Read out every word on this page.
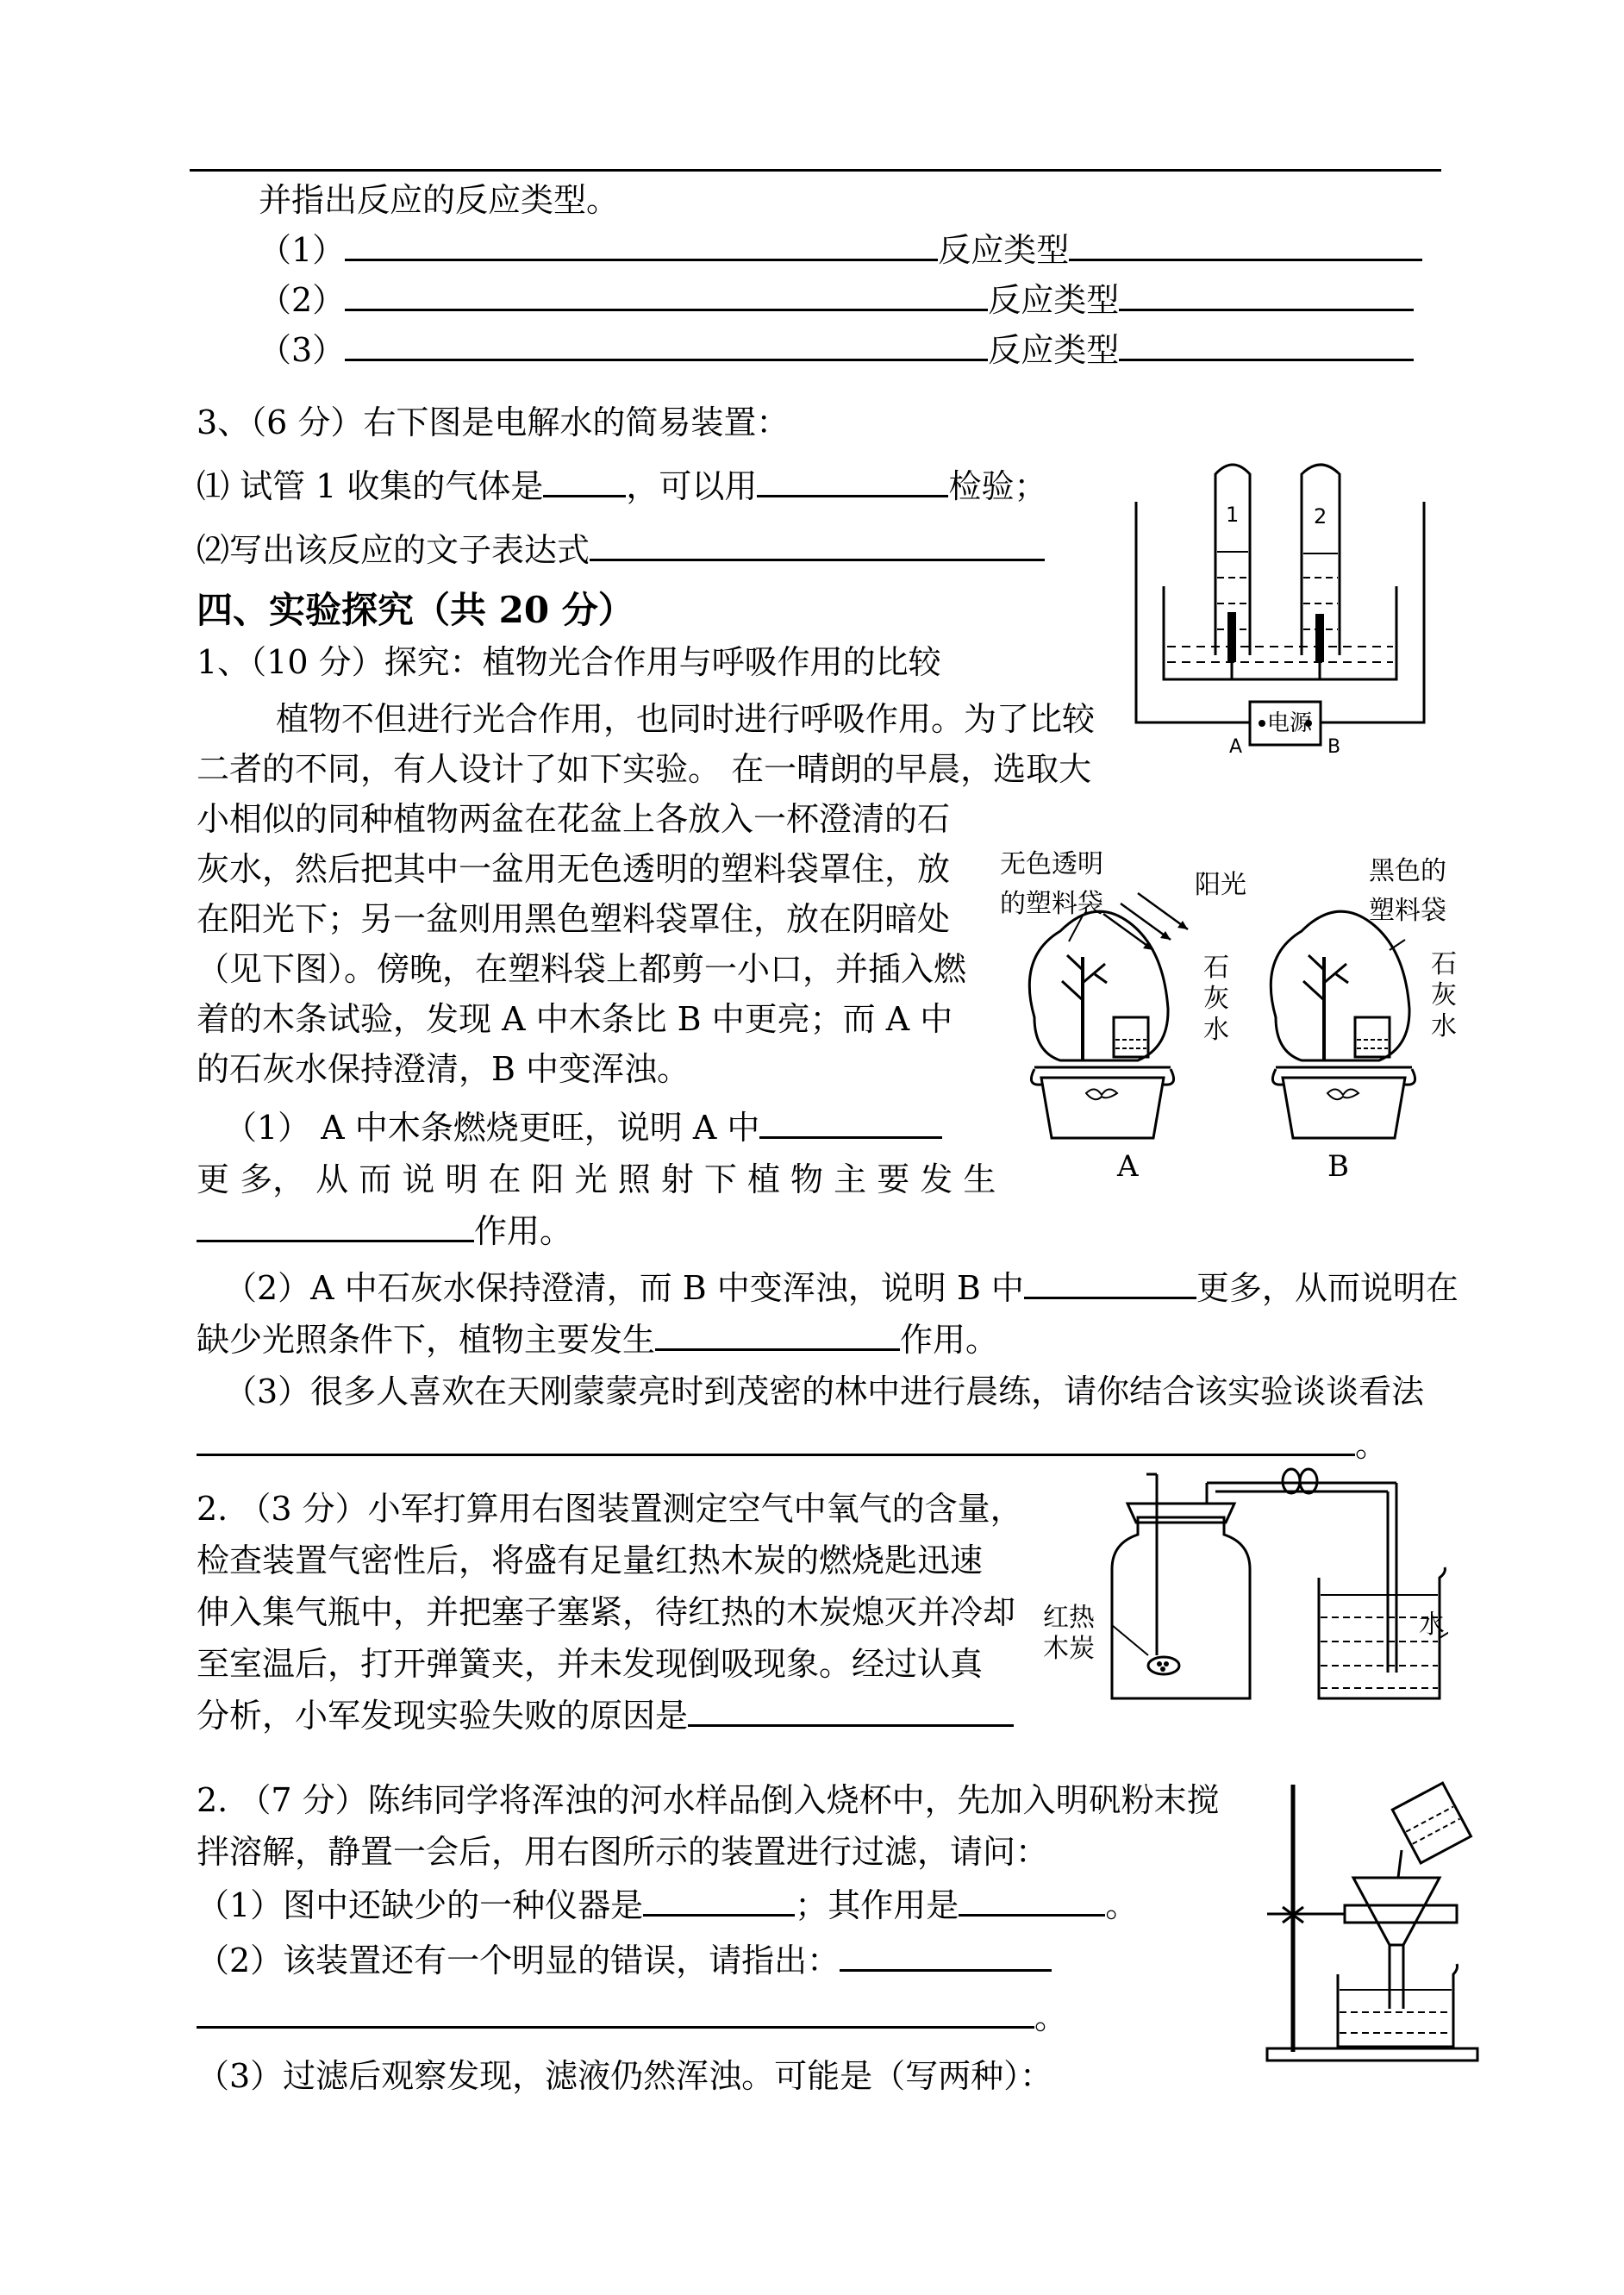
并指出反应的反应类型。
（1）	反应类型
（2）	反应类型
（3）	反应类型
3、（6 分）右下图是电解水的简易装置：
⑴ 试管 1 收集的气体是	，可以用	检验；
⑵写出该反应的文子表达式
1	2
电源
A	B
四、实验探究（共 20 分）
1、（10 分）探究：植物光合作用与呼吸作用的比较
植物不但进行光合作用，也同时进行呼吸作用。为了比较
二者的不同，有人设计了如下实验。 在一晴朗的早晨，选取大
小相似的同种植物两盆在花盆上各放入一杯澄清的石
灰水，然后把其中一盆用无色透明的塑料袋罩住，放
在阳光下；另一盆则用黑色塑料袋罩住，放在阴暗处
（见下图）。傍晚，在塑料袋上都剪一小口，并插入燃
着的木条试验，发现 A 中木条比 B 中更亮；而 A 中
的石灰水保持澄清，B 中变浑浊。
（1） A 中木条燃烧更旺，说明 A 中
更 多， 从 而 说 明 在 阳 光 照 射 下 植 物 主 要 发 生
作用。
（2）A 中石灰水保持澄清，而 B 中变浑浊，说明 B 中	更多，从而说明在
缺少光照条件下，植物主要发生	作用。
（3）很多人喜欢在天刚蒙蒙亮时到茂密的林中进行晨练，请你结合该实验谈谈看法
。
无色透明
的塑料袋
阳光	黑色的
塑料袋
石
灰
水
石
灰
水
A	B
2. （3 分）小军打算用右图装置测定空气中氧气的含量，
检查装置气密性后，将盛有足量红热木炭的燃烧匙迅速
伸入集气瓶中，并把塞子塞紧，待红热的木炭熄灭并冷却
至室温后，打开弹簧夹，并未发现倒吸现象。经过认真
分析，小军发现实验失败的原因是
红热
木炭
水
2. （7 分）陈纬同学将浑浊的河水样品倒入烧杯中，先加入明矾粉末搅
拌溶解，静置一会后，用右图所示的装置进行过滤，请问：
（1）图中还缺少的一种仪器是	；其作用是	。
（2）该装置还有一个明显的错误，请指出：
。
（3）过滤后观察发现，滤液仍然浑浊。可能是（写两种）：
